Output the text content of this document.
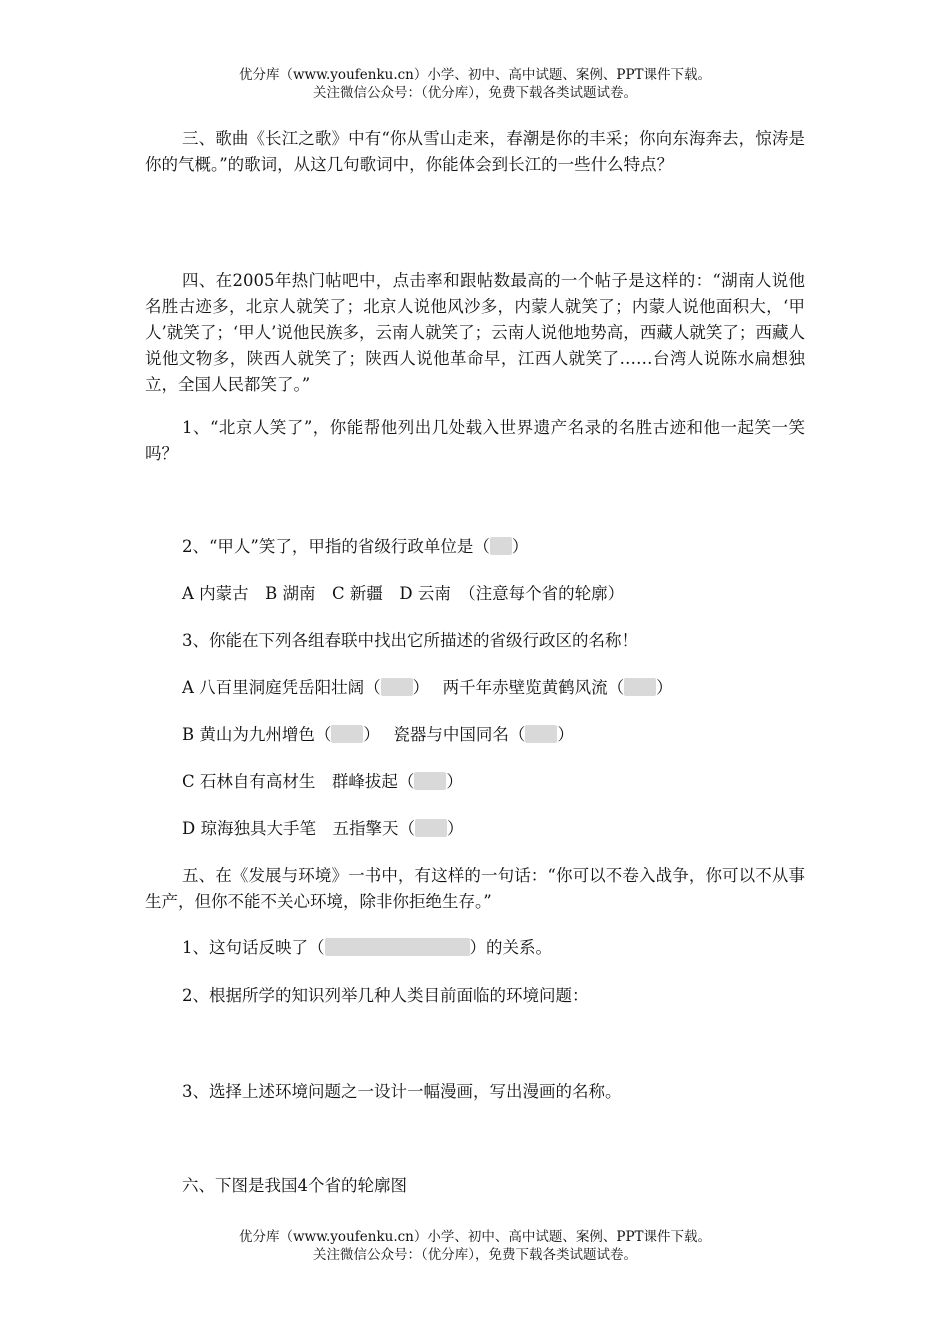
优分库（www.youfenku.cn）小学、初中、高中试题、案例、PPT课件下载。
关注微信公众号：（优分库），免费下载各类试题试卷。
三、歌曲《长江之歌》中有“你从雪山走来，春潮是你的丰采；你向东海奔去，惊涛是你的气概。”的歌词，从这几句歌词中，你能体会到长江的一些什么特点？
四、在2005年热门帖吧中，点击率和跟帖数最高的一个帖子是这样的：“湖南人说他名胜古迹多，北京人就笑了；北京人说他风沙多，内蒙人就笑了；内蒙人说他面积大，‘甲人’就笑了；‘甲人’说他民族多，云南人就笑了；云南人说他地势高，西藏人就笑了；西藏人说他文物多，陕西人就笑了；陕西人说他革命早，江西人就笑了……台湾人说陈水扁想独立，全国人民都笑了。”
1、“北京人笑了”，你能帮他列出几处载入世界遗产名录的名胜古迹和他一起笑一笑吗？
2、“甲人”笑了，甲指的省级行政单位是（ ）
A 内蒙古　B 湖南　C 新疆　D 云南　（注意每个省的轮廓）
3、你能在下列各组春联中找出它所描述的省级行政区的名称！
A 八百里洞庭凭岳阳壮阔（ ）　 两千年赤壁览黄鹤风流（ ）
B 黄山为九州增色（ ）　 瓷器与中国同名（ ）
C 石林自有高材生　群峰拔起（ ）
D 琼海独具大手笔　五指擎天（ ）
五、在《发展与环境》一书中，有这样的一句话：“你可以不卷入战争，你可以不从事生产，但你不能不关心环境，除非你拒绝生存。”
1、这句话反映了（	）的关系。
2、根据所学的知识列举几种人类目前面临的环境问题：
3、选择上述环境问题之一设计一幅漫画，写出漫画的名称。
六、下图是我国4个省的轮廓图
优分库（www.youfenku.cn）小学、初中、高中试题、案例、PPT课件下载。
关注微信公众号：（优分库），免费下载各类试题试卷。
